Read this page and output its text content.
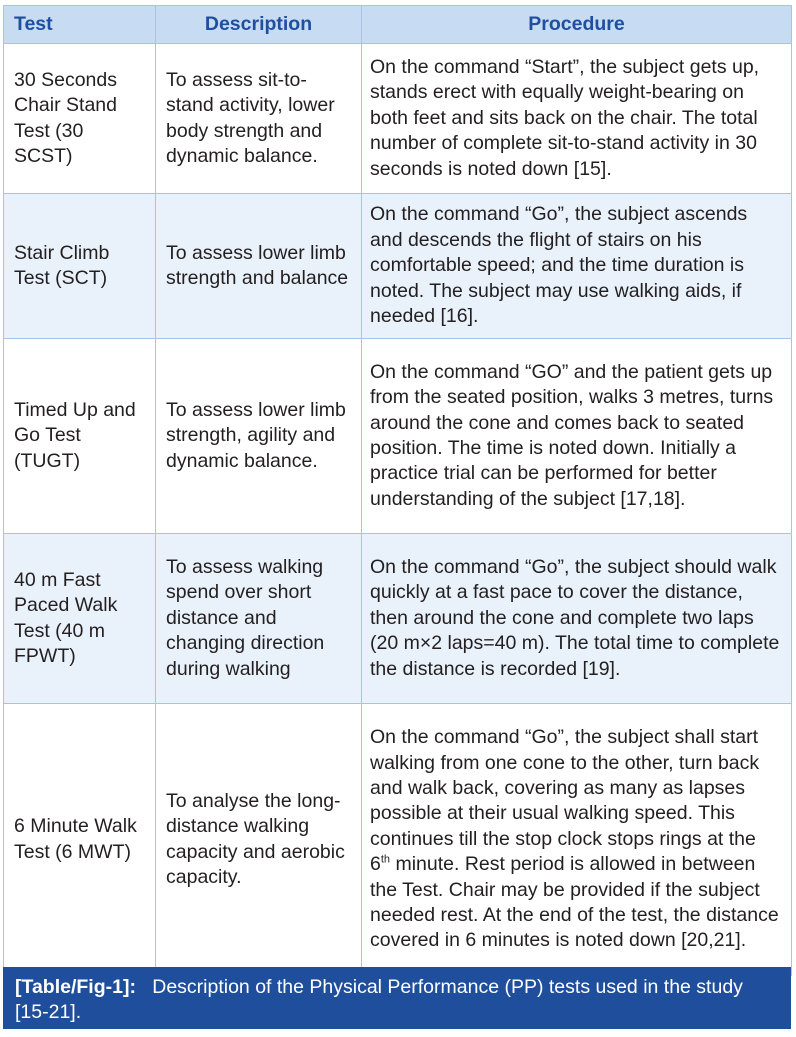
Test	Description	Procedure
30 Seconds Chair Stand Test (30 SCST)	To assess sit-to-stand activity, lower body strength and dynamic balance.	On the command “Start”, the subject gets up, stands erect with equally weight-bearing on both feet and sits back on the chair. The total number of complete sit-to-stand activity in 30 seconds is noted down [15].
Stair Climb Test (SCT)	To assess lower limb strength and balance	On the command “Go”, the subject ascends and descends the flight of stairs on his comfortable speed; and the time duration is noted. The subject may use walking aids, if needed [16].
Timed Up and Go Test (TUGT)	To assess lower limb strength, agility and dynamic balance.	On the command “GO” and the patient gets up from the seated position, walks 3 metres, turns around the cone and comes back to seated position. The time is noted down. Initially a practice trial can be performed for better understanding of the subject [17,18].
40 m Fast Paced Walk Test (40 m FPWT)	To assess walking spend over short distance and changing direction during walking	On the command “Go”, the subject should walk quickly at a fast pace to cover the distance, then around the cone and complete two laps (20 m×2 laps=40 m). The total time to complete the distance is recorded [19].
6 Minute Walk Test (6 MWT)	To analyse the long-distance walking capacity and aerobic capacity.	On the command “Go”, the subject shall start walking from one cone to the other, turn back and walk back, covering as many as lapses possible at their usual walking speed. This continues till the stop clock stops rings at the 6th minute. Rest period is allowed in between the Test. Chair may be provided if the subject needed rest. At the end of the test, the distance covered in 6 minutes is noted down [20,21].
[Table/Fig-1]: Description of the Physical Performance (PP) tests used in the study [15-21].
